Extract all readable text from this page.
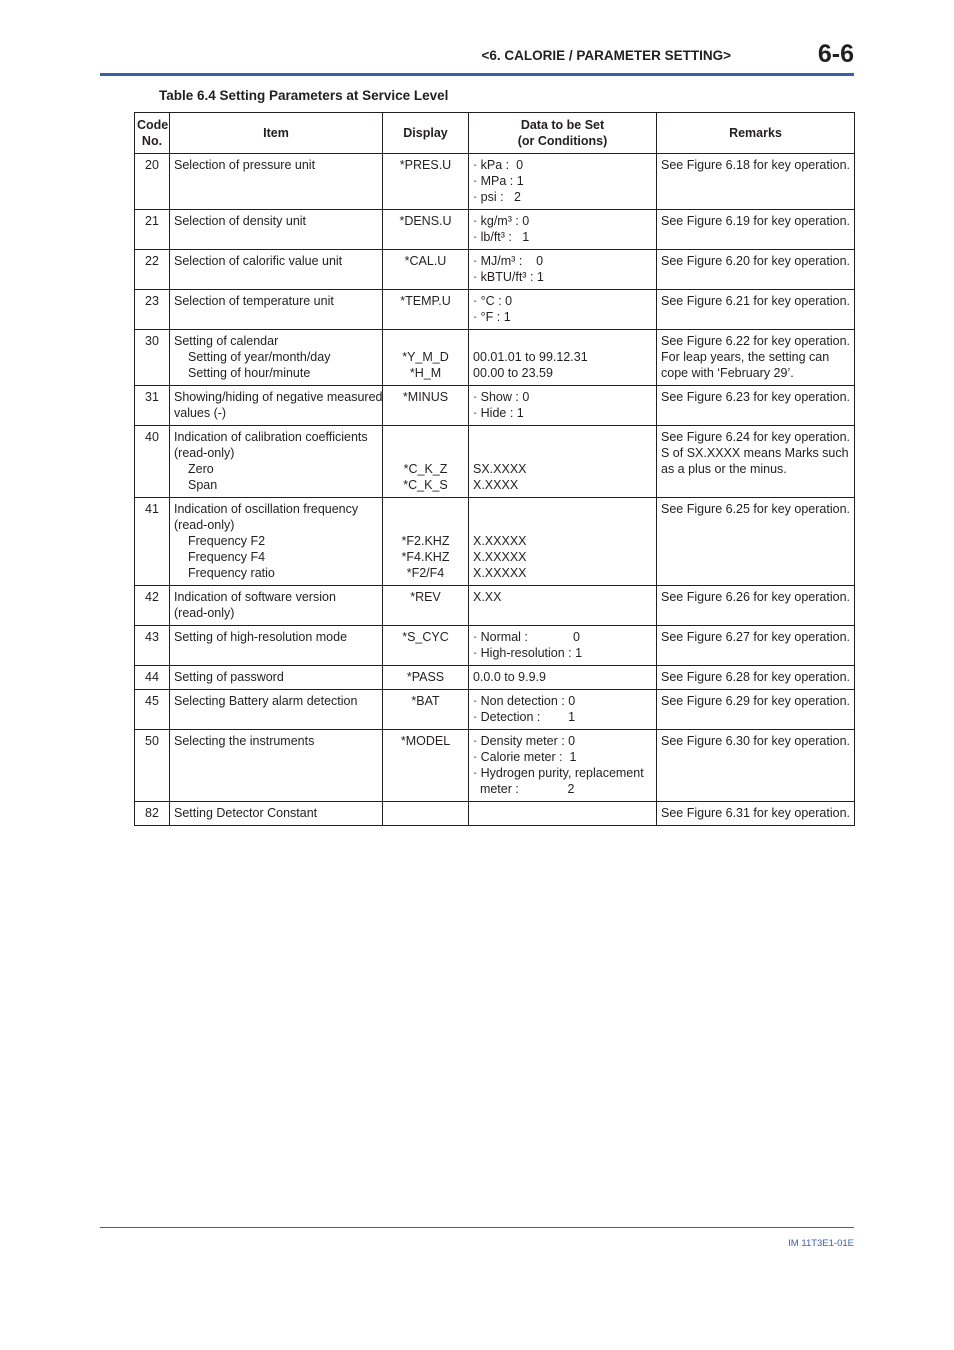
<6. CALORIE / PARAMETER SETTING>	6-6
Table 6.4 Setting Parameters at Service Level
Code
No.	Item	Display	Data to be Set
(or Conditions)	Remarks
20	Selection of pressure unit	*PRES.U	· kPa :  0
· MPa : 1
· psi :   2	See Figure 6.18 for key operation.

21	Selection of density unit	*DENS.U	· kg/m³ : 0
· lb/ft³ :   1	See Figure 6.19 for key operation.

22	Selection of calorific value unit	*CAL.U	· MJ/m³ :    0
· kBTU/ft³ : 1	See Figure 6.20 for key operation.

23	Selection of temperature unit	*TEMP.U	· °C : 0
· °F : 1	See Figure 6.21 for key operation.

30	Setting of calendar
Setting of year/month/day
Setting of hour/minute	*Y_M_D
*H_M	00.01.01 to 99.12.31
00.00 to 23.59	See Figure 6.22 for key operation.
For leap years, the setting can
cope with ‘February 29’.

31	Showing/hiding of negative measured
values (-)	*MINUS	· Show : 0
· Hide : 1	See Figure 6.23 for key operation.

40	Indication of calibration coefficients
(read-only)
Zero
Span	*C_K_Z
*C_K_S	SX.XXXX
X.XXXX	See Figure 6.24 for key operation.
S of SX.XXXX means Marks such
as a plus or the minus.

41	Indication of oscillation frequency
(read-only)
Frequency F2
Frequency F4
Frequency ratio	*F2.KHZ
*F4.KHZ
*F2/F4	X.XXXXX
X.XXXXX
X.XXXXX	See Figure 6.25 for key operation.

42	Indication of software version
(read-only)	*REV	X.XX	See Figure 6.26 for key operation.

43	Setting of high-resolution mode	*S_CYC	· Normal :             0
· High-resolution : 1	See Figure 6.27 for key operation.

44	Setting of password	*PASS	0.0.0 to 9.9.9	See Figure 6.28 for key operation.

45	Selecting Battery alarm detection	*BAT	· Non detection : 0
· Detection :        1	See Figure 6.29 for key operation.

50	Selecting the instruments	*MODEL	· Density meter : 0
· Calorie meter :  1
· Hydrogen purity, replacement
meter :              2	See Figure 6.30 for key operation.

82	Setting Detector Constant			See Figure 6.31 for key operation.
IM 11T3E1-01E
